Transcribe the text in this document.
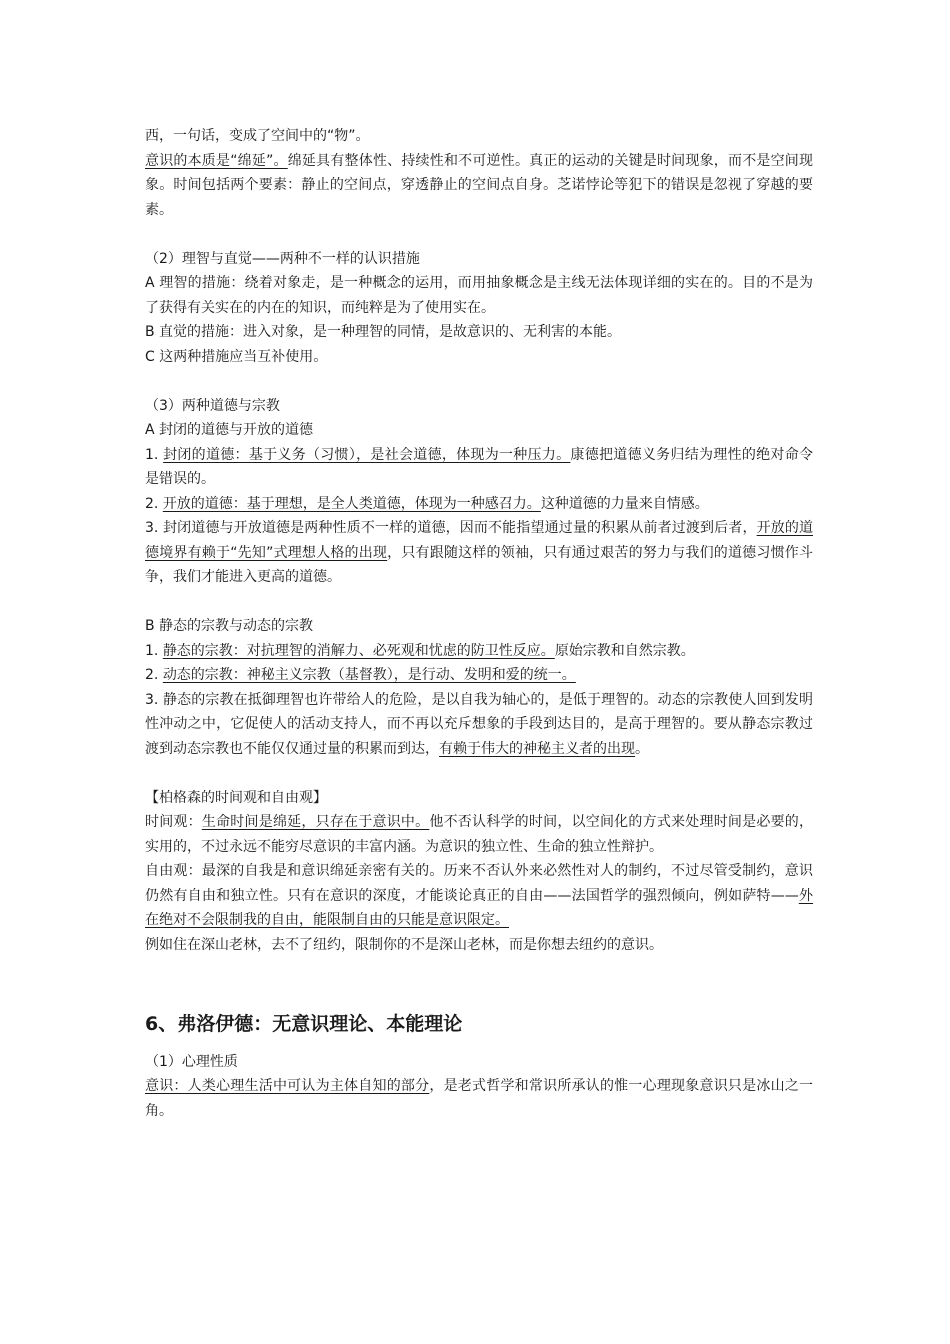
西，一句话，变成了空间中的“物”。

意识的本质是“绵延”。绵延具有整体性、持续性和不可逆性。真正的运动的关键是时间现象，而不是空间现象。时间包括两个要素：静止的空间点，穿透静止的空间点自身。芝诺悖论等犯下的错误是忽视了穿越的要素。

（2）理智与直觉——两种不一样的认识措施

A 理智的措施：绕着对象走，是一种概念的运用，而用抽象概念是主线无法体现详细的实在的。目的不是为了获得有关实在的内在的知识，而纯粹是为了使用实在。

B 直觉的措施：进入对象，是一种理智的同情，是故意识的、无利害的本能。

C 这两种措施应当互补使用。

（3）两种道德与宗教

A 封闭的道德与开放的道德

1. 封闭的道德：基于义务（习惯），是社会道德，体现为一种压力。康德把道德义务归结为理性的绝对命令是错误的。

2. 开放的道德：基于理想，是全人类道德，体现为一种感召力。这种道德的力量来自情感。

3. 封闭道德与开放道德是两种性质不一样的道德，因而不能指望通过量的积累从前者过渡到后者，开放的道德境界有赖于“先知”式理想人格的出现，只有跟随这样的领袖，只有通过艰苦的努力与我们的道德习惯作斗争，我们才能进入更高的道德。

B 静态的宗教与动态的宗教

1. 静态的宗教：对抗理智的消解力、必死观和忧虑的防卫性反应。原始宗教和自然宗教。

2. 动态的宗教：神秘主义宗教（基督教），是行动、发明和爱的统一。

3. 静态的宗教在抵御理智也许带给人的危险，是以自我为轴心的，是低于理智的。动态的宗教使人回到发明性冲动之中，它促使人的活动支持人，而不再以充斥想象的手段到达目的，是高于理智的。要从静态宗教过渡到动态宗教也不能仅仅通过量的积累而到达，有赖于伟大的神秘主义者的出现。

【柏格森的时间观和自由观】

时间观：生命时间是绵延，只存在于意识中。他不否认科学的时间，以空间化的方式来处理时间是必要的，实用的，不过永远不能穷尽意识的丰富内涵。为意识的独立性、生命的独立性辩护。

自由观：最深的自我是和意识绵延亲密有关的。历来不否认外来必然性对人的制约，不过尽管受制约，意识仍然有自由和独立性。只有在意识的深度，才能谈论真正的自由——法国哲学的强烈倾向，例如萨特——外在绝对不会限制我的自由，能限制自由的只能是意识限定。

例如住在深山老林，去不了纽约，限制你的不是深山老林，而是你想去纽约的意识。

6、弗洛伊德：无意识理论、本能理论

（1）心理性质

意识：人类心理生活中可认为主体自知的部分，是老式哲学和常识所承认的惟一心理现象意识只是冰山之一角。
